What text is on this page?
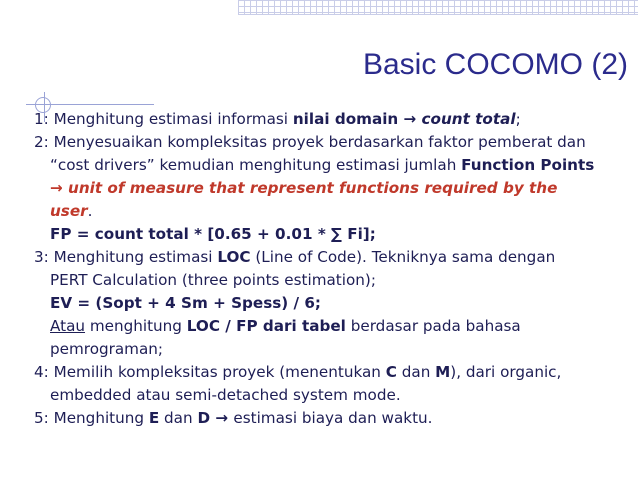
Basic COCOMO (2)
1: Menghitung estimasi informasi nilai domain → count total;
2: Menyesuaikan kompleksitas proyek berdasarkan faktor pemberat dan
“cost drivers” kemudian menghitung estimasi jumlah Function Points
→ unit of measure that represent functions required by the
user.
FP = count total * [0.65 + 0.01 * ∑ Fi];
3: Menghitung estimasi LOC (Line of Code). Tekniknya sama dengan
PERT Calculation (three points estimation);
EV = (Sopt + 4 Sm + Spess) / 6;
Atau menghitung LOC / FP dari tabel berdasar pada bahasa
pemrograman;
4: Memilih kompleksitas proyek (menentukan C dan M), dari organic,
embedded atau semi-detached system mode.
5: Menghitung E dan D → estimasi biaya dan waktu.
